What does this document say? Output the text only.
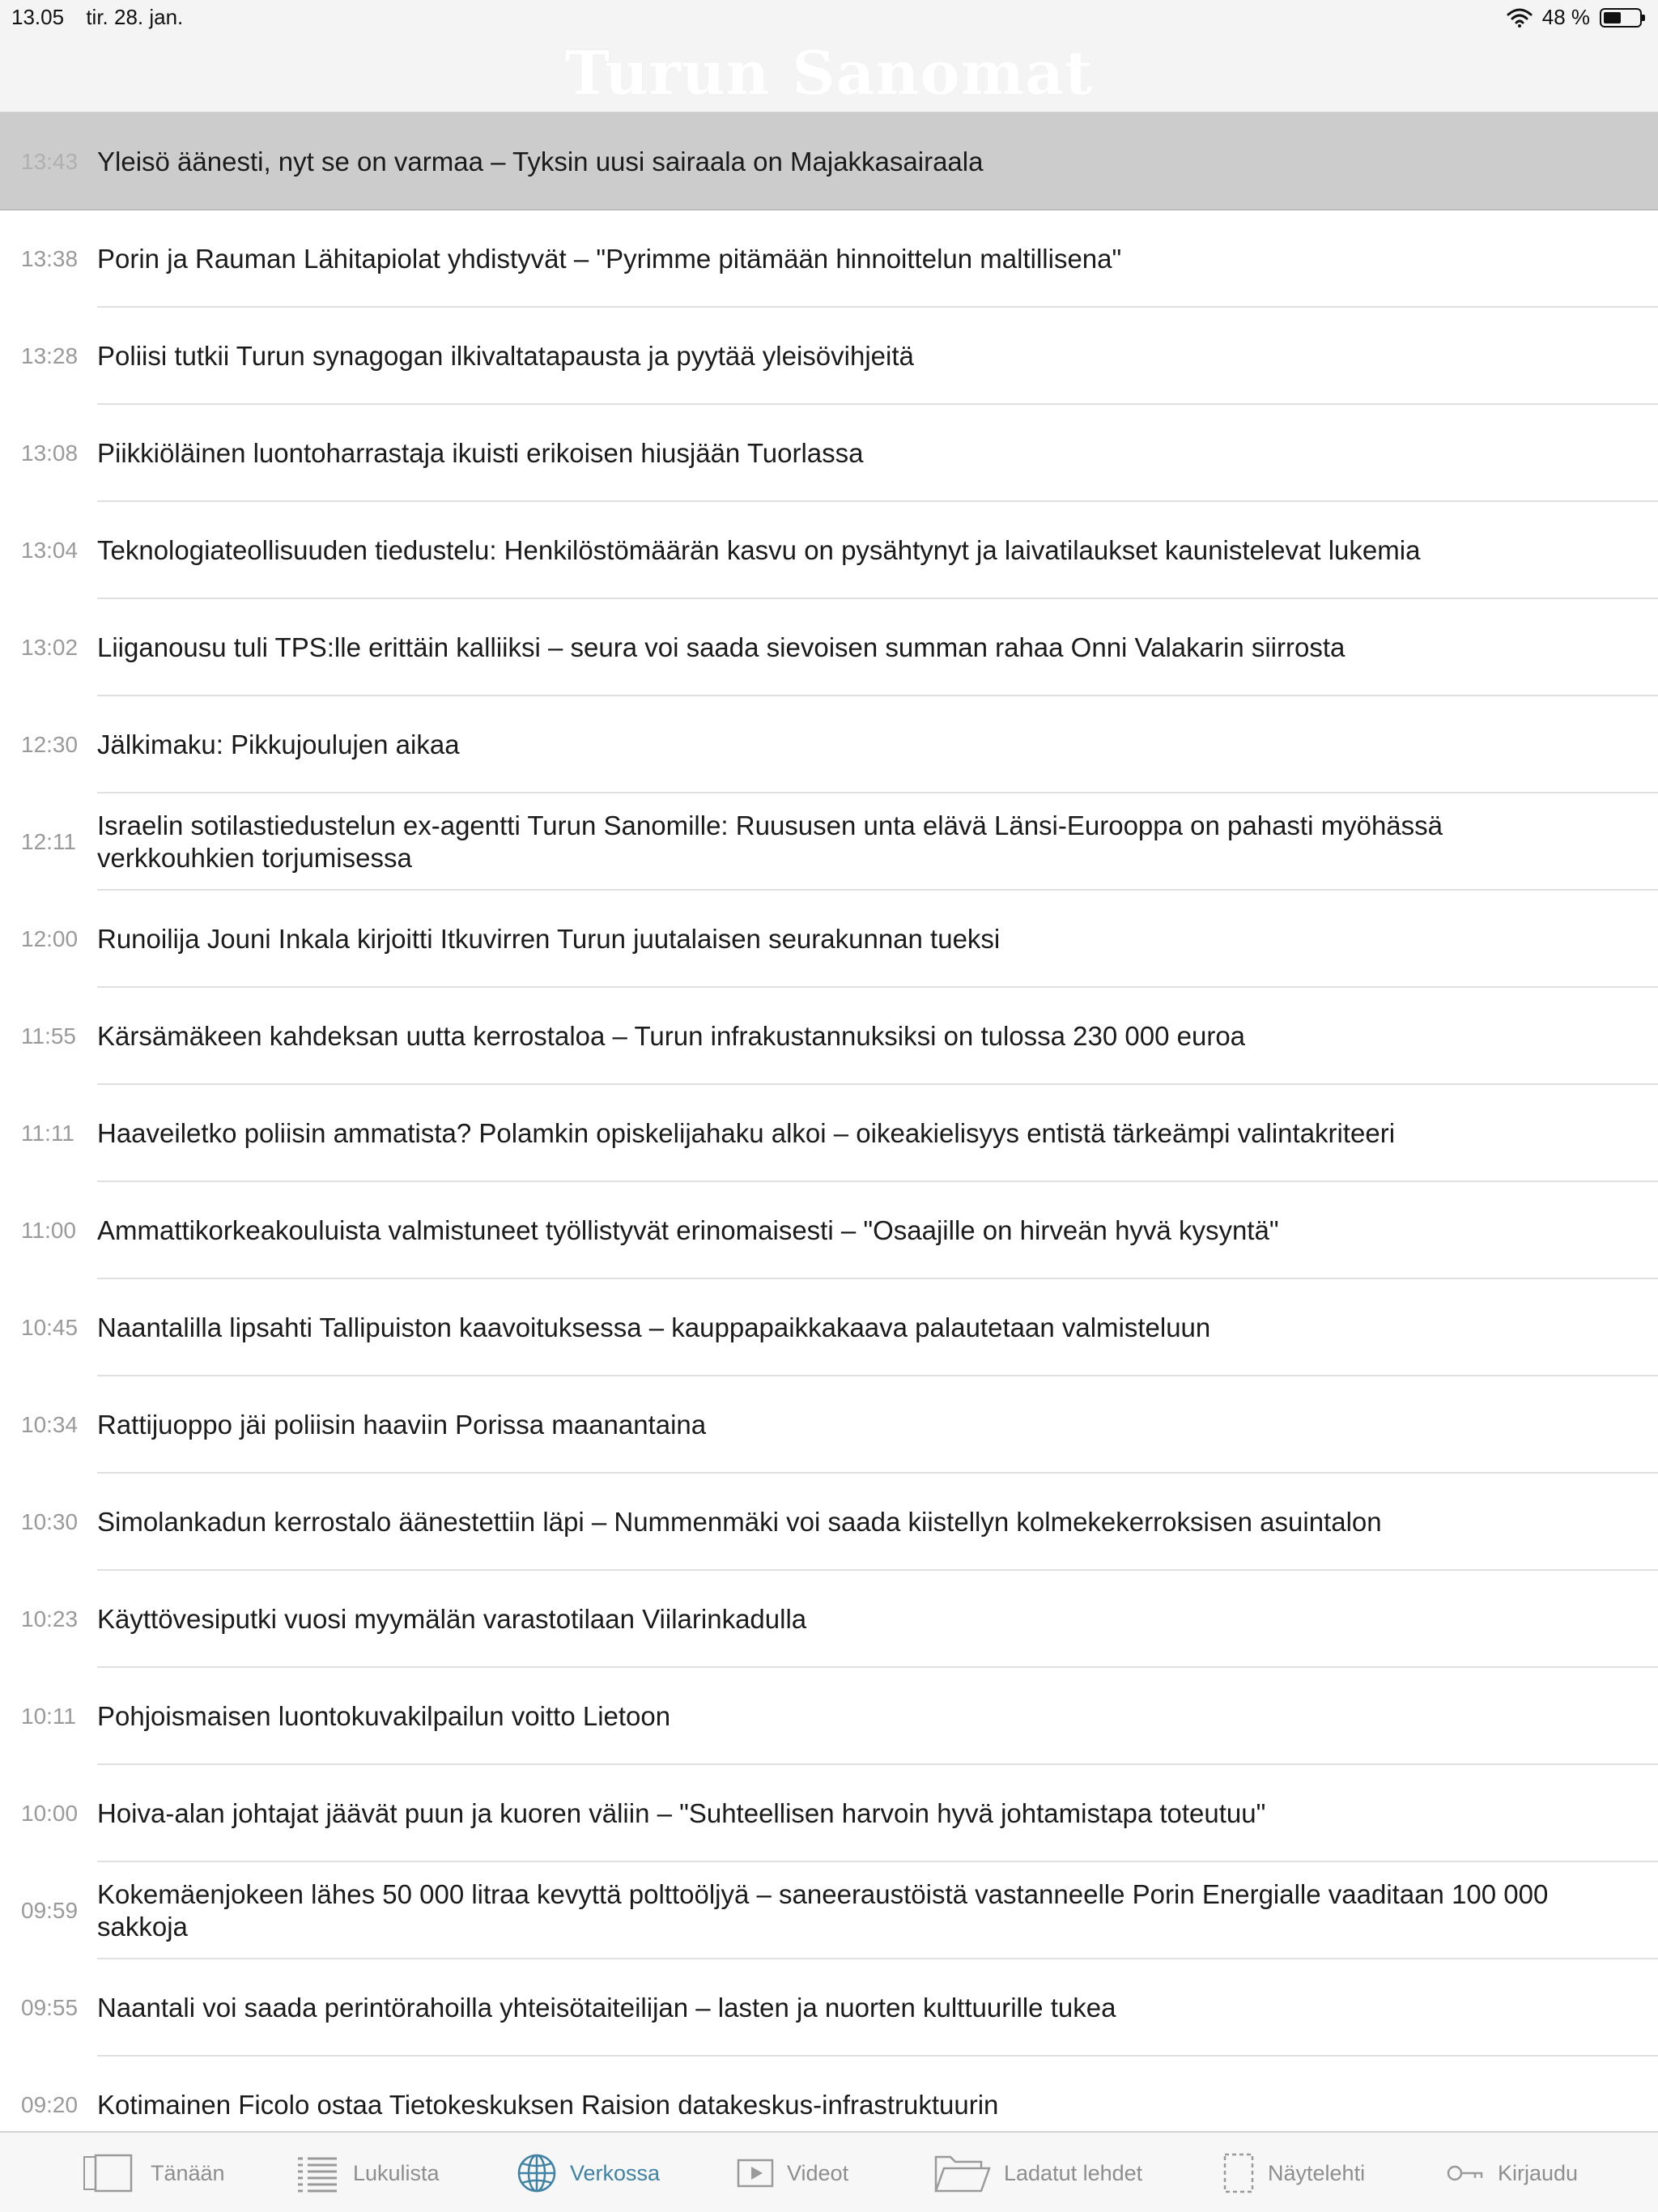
13.05 tir. 28. jan.	48 %
Turun Sanomat
13:43 Yleisö äänesti, nyt se on varmaa – Tyksin uusi sairaala on Majakkasairaala
13:38 Porin ja Rauman Lähitapiolat yhdistyvät – "Pyrimme pitämään hinnoittelun maltillisena"
13:28 Poliisi tutkii Turun synagogan ilkivaltatapausta ja pyytää yleisövihjeitä
13:08 Piikkiöläinen luontoharrastaja ikuisti erikoisen hiusjään Tuorlassa
13:04 Teknologiateollisuuden tiedustelu: Henkilöstömäärän kasvu on pysähtynyt ja laivatilaukset kaunistelevat lukemia
13:02 Liiganousu tuli TPS:lle erittäin kalliiksi – seura voi saada sievoisen summan rahaa Onni Valakarin siirrosta
12:30 Jälkimaku: Pikkujoulujen aikaa
12:11
Israelin sotilastiedustelun ex-agentti Turun Sanomille: Ruususen unta elävä Länsi-Eurooppa on pahasti myöhässä verkkouhkien torjumisessa
12:00 Runoilija Jouni Inkala kirjoitti Itkuvirren Turun juutalaisen seurakunnan tueksi
11:55 Kärsämäkeen kahdeksan uutta kerrostaloa – Turun infrakustannuksiksi on tulossa 230 000 euroa
11:11 Haaveiletko poliisin ammatista? Polamkin opiskelijahaku alkoi – oikeakielisyys entistä tärkeämpi valintakriteeri
11:00 Ammattikorkeakouluista valmistuneet työllistyvät erinomaisesti – "Osaajille on hirveän hyvä kysyntä"
10:45 Naantalilla lipsahti Tallipuiston kaavoituksessa – kauppapaikkakaava palautetaan valmisteluun
10:34 Rattijuoppo jäi poliisin haaviin Porissa maanantaina
10:30 Simolankadun kerrostalo äänestettiin läpi – Nummenmäki voi saada kiistellyn kolmekekerroksisen asuintalon
10:23 Käyttövesiputki vuosi myymälän varastotilaan Viilarinkadulla
10:11 Pohjoismaisen luontokuvakilpailun voitto Lietoon
10:00 Hoiva-alan johtajat jäävät puun ja kuoren väliin – "Suhteellisen harvoin hyvä johtamistapa toteutuu"
09:59
Kokemäenjokeen lähes 50 000 litraa kevyttä polttoöljyä – saneeraustöistä vastanneelle Porin Energialle vaaditaan 100 000 sakkoja
09:55 Naantali voi saada perintörahoilla yhteisötaiteilijan – lasten ja nuorten kulttuurille tukea
09:20 Kotimainen Ficolo ostaa Tietokeskuksen Raision datakeskus-infrastruktuurin
Tänään	Lukulista	Verkossa	Videot	Ladatut lehdet	Näytelehti	Kirjaudu
